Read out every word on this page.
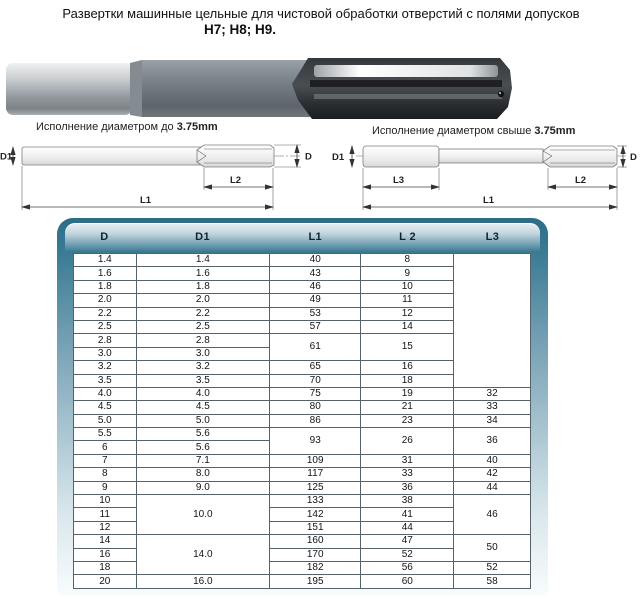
Развертки машинные цельные для чистовой обработки отверстий с полями допусков
H7; H8; H9.
Исполнение диаметром до 3.75mm	Исполнение диаметром свыше 3.75mm
D1	D
L2
L1
D1	D
L3	L2
L1
D	D1	L1	L 2	L3
1.4	1.4	40	8	
1.6	1.6	43	9	
1.8	1.8	46	10	
2.0	2.0	49	11	
2.2	2.2	53	12	
2.5	2.5	57	14	
2.8	2.8	61	15	
3.0	3.0			
3.2	3.2	65	16	
3.5	3.5	70	18	
4.0	4.0	75	19	32
4.5	4.5	80	21	33
5.0	5.0	86	23	34
5.5	5.6	93	26	36
6	5.6			
7	7.1	109	31	40
8	8.0	117	33	42
9	9.0	125	36	44
10	10.0	133	38	46
11		142	41	
12		151	44	
14	14.0	160	47	50
16		170	52	
18		182	56	52
20	16.0	195	60	58
